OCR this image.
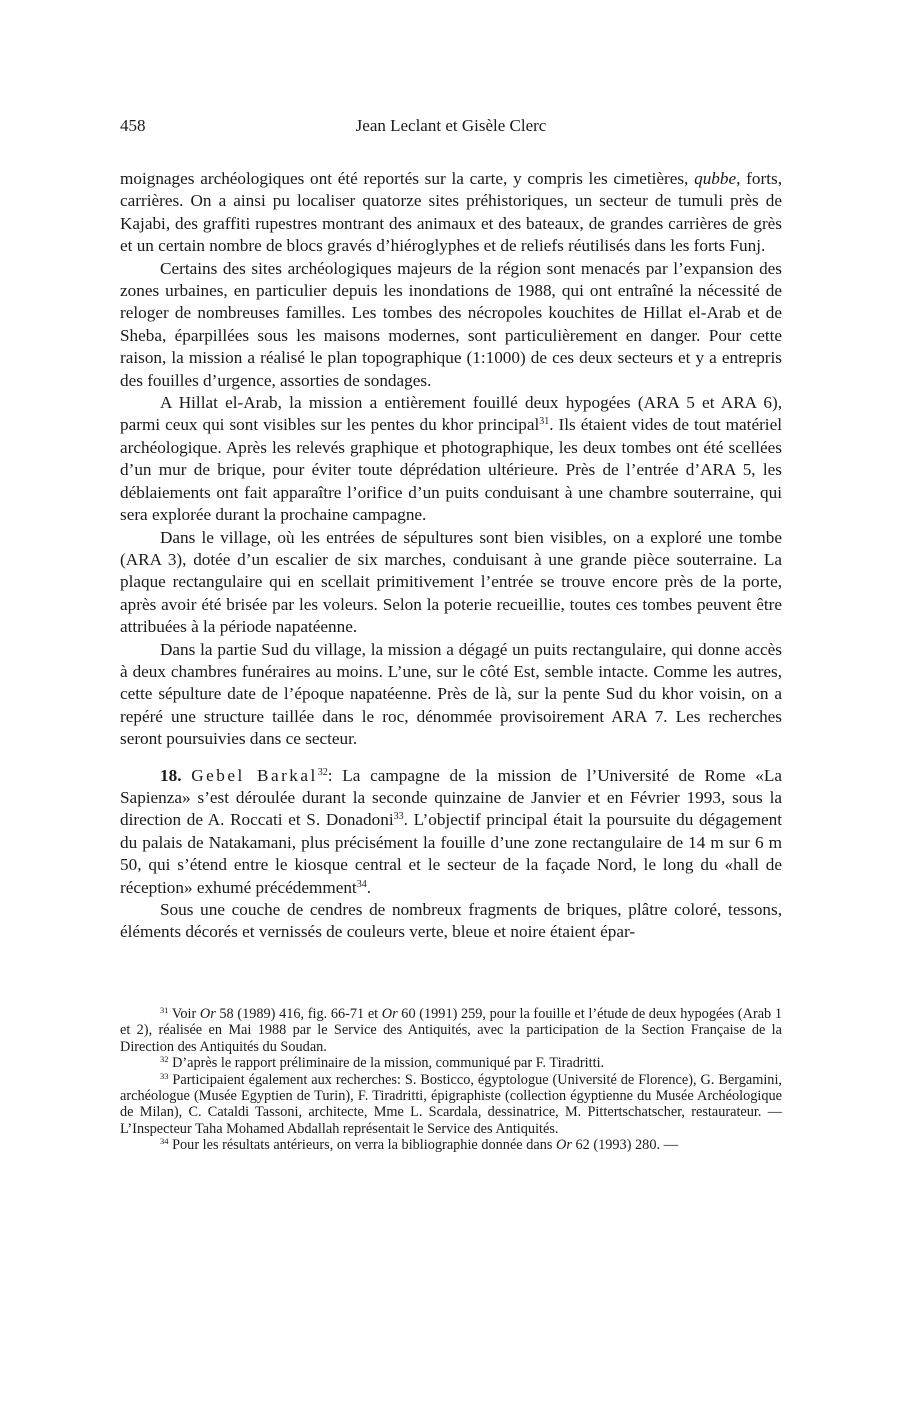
458	Jean Leclant et Gisèle Clerc

moignages archéologiques ont été reportés sur la carte, y compris les cimetières, qubbe, forts, carrières. On a ainsi pu localiser quatorze sites préhistoriques, un secteur de tumuli près de Kajabi, des graffiti rupestres montrant des animaux et des bateaux, de grandes carrières de grès et un certain nombre de blocs gravés d’hiéroglyphes et de reliefs réutilisés dans les forts Funj.

Certains des sites archéologiques majeurs de la région sont menacés par l’expansion des zones urbaines, en particulier depuis les inondations de 1988, qui ont entraîné la nécessité de reloger de nombreuses familles. Les tombes des nécropoles kouchites de Hillat el-Arab et de Sheba, éparpillées sous les maisons modernes, sont particulièrement en danger. Pour cette raison, la mission a réalisé le plan topographique (1:1000) de ces deux secteurs et y a entrepris des fouilles d’urgence, assorties de sondages.

A Hillat el-Arab, la mission a entièrement fouillé deux hypogées (ARA 5 et ARA 6), parmi ceux qui sont visibles sur les pentes du khor principal$^{31}$. Ils étaient vides de tout matériel archéologique. Après les relevés graphique et photographique, les deux tombes ont été scellées d’un mur de brique, pour éviter toute déprédation ultérieure. Près de l’entrée d’ARA 5, les déblaiements ont fait apparaître l’orifice d’un puits conduisant à une chambre souterraine, qui sera explorée durant la prochaine campagne.

Dans le village, où les entrées de sépultures sont bien visibles, on a exploré une tombe (ARA 3), dotée d’un escalier de six marches, conduisant à une grande pièce souterraine. La plaque rectangulaire qui en scellait primitivement l’entrée se trouve encore près de la porte, après avoir été brisée par les voleurs. Selon la poterie recueillie, toutes ces tombes peuvent être attribuées à la période napatéenne.

Dans la partie Sud du village, la mission a dégagé un puits rectangulaire, qui donne accès à deux chambres funéraires au moins. L’une, sur le côté Est, semble intacte. Comme les autres, cette sépulture date de l’époque napatéenne. Près de là, sur la pente Sud du khor voisin, on a repéré une structure taillée dans le roc, dénommée provisoirement ARA 7. Les recherches seront poursuivies dans ce secteur.

18. Gebel Barkal$^{32}$: La campagne de la mission de l’Université de Rome «La Sapienza» s’est déroulée durant la seconde quinzaine de Janvier et en Février 1993, sous la direction de A. Roccati et S. Donadoni$^{33}$. L’objectif principal était la poursuite du dégagement du palais de Natakamani, plus précisément la fouille d’une zone rectangulaire de 14 m sur 6 m 50, qui s’étend entre le kiosque central et le secteur de la façade Nord, le long du «hall de réception» exhumé précédemment$^{34}$.

Sous une couche de cendres de nombreux fragments de briques, plâtre coloré, tessons, éléments décorés et vernissés de couleurs verte, bleue et noire étaient épar-

$^{31}$ Voir Or 58 (1989) 416, fig. 66-71 et Or 60 (1991) 259, pour la fouille et l’étude de deux hypogées (Arab 1 et 2), réalisée en Mai 1988 par le Service des Antiquités, avec la participation de la Section Française de la Direction des Antiquités du Soudan.

$^{32}$ D’après le rapport préliminaire de la mission, communiqué par F. Tiradritti.

$^{33}$ Participaient également aux recherches: S. Bosticco, égyptologue (Université de Florence), G. Bergamini, archéologue (Musée Egyptien de Turin), F. Tiradritti, épigraphiste (collection égyptienne du Musée Archéologique de Milan), C. Cataldi Tassoni, architecte, Mme L. Scardala, dessinatrice, M. Pittertschatscher, restaurateur. — L’Inspecteur Taha Mohamed Abdallah représentait le Service des Antiquités.

$^{34}$ Pour les résultats antérieurs, on verra la bibliographie donnée dans Or 62 (1993) 280. —
